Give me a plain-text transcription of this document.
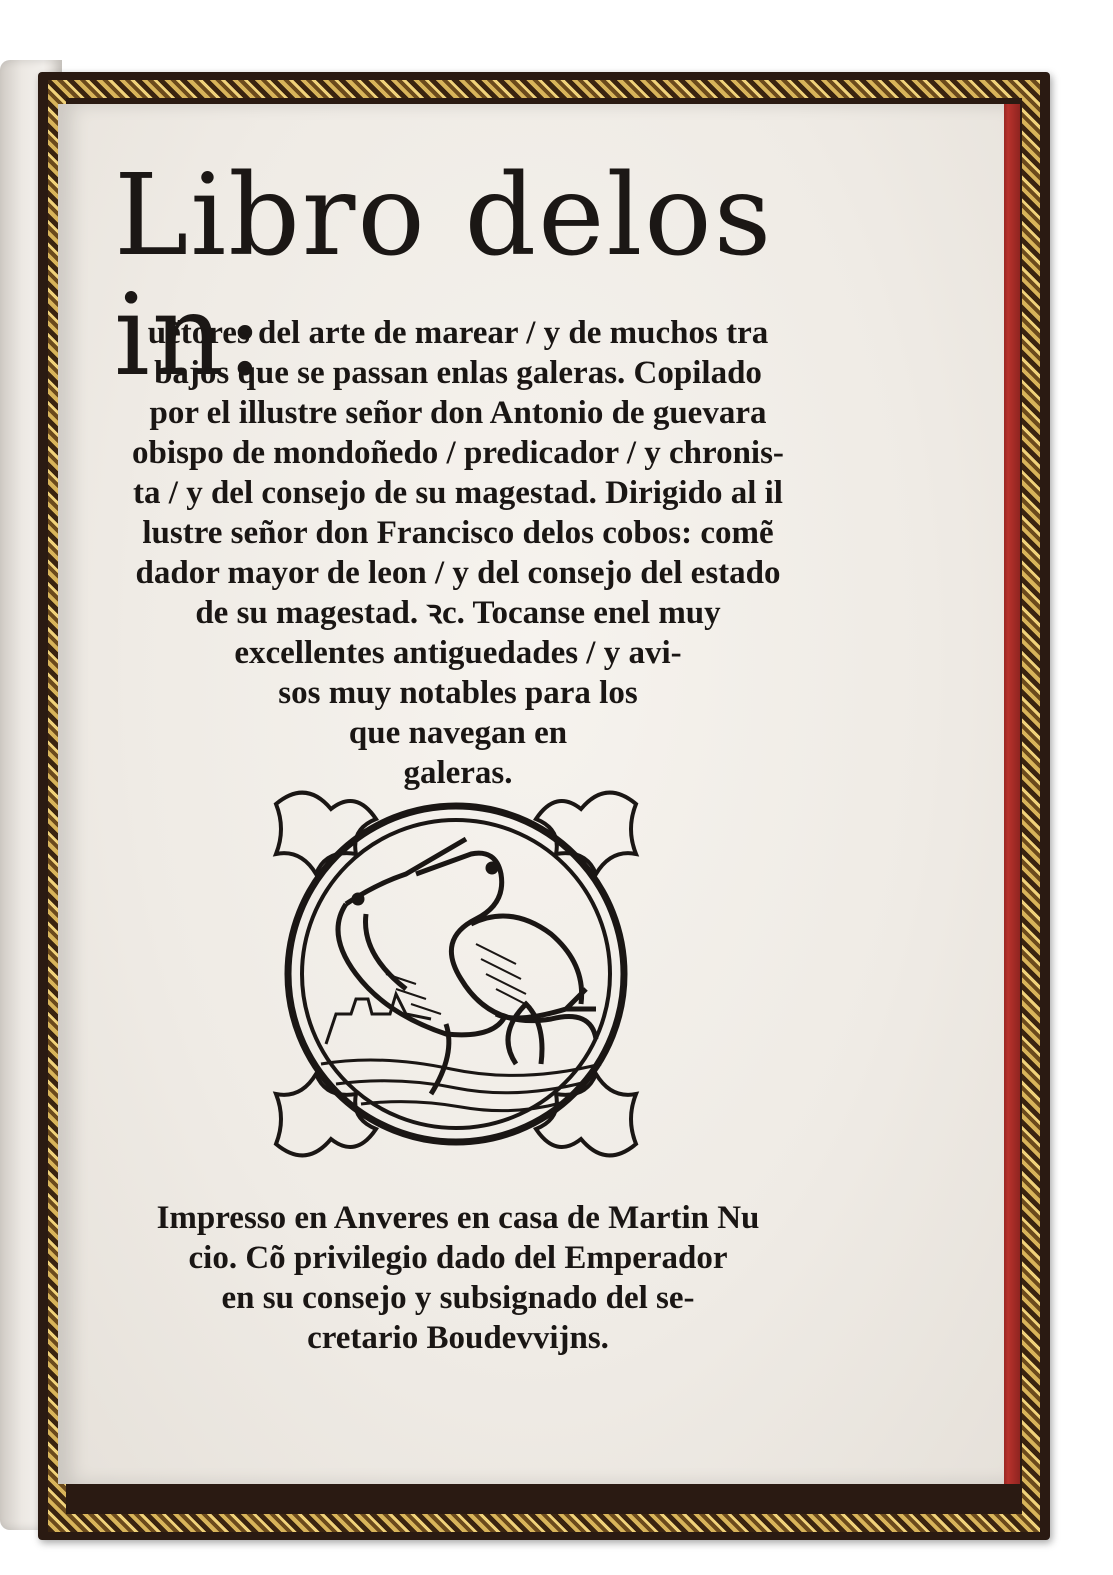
Libro delos in:
uẽtores del arte de marear / y de muchos tra
bajos que se passan enlas galeras. Copilado
por el illustre señor don Antonio de guevara
obispo de mondoñedo / predicador / y chronis-
ta / y del consejo de su magestad. Dirigido al il
lustre señor don Francisco delos cobos: comẽ
dador mayor de leon / y del consejo del estado
de su magestad. ꝛc. Tocanse enel muy
excellentes antiguedades / y avi-
sos muy notables para los
que navegan en
galeras.
Impresso en Anveres en casa de Martin Nu
cio. Cõ privilegio dado del Emperador
en su consejo y subsignado del se-
cretario Boudevvijns.
